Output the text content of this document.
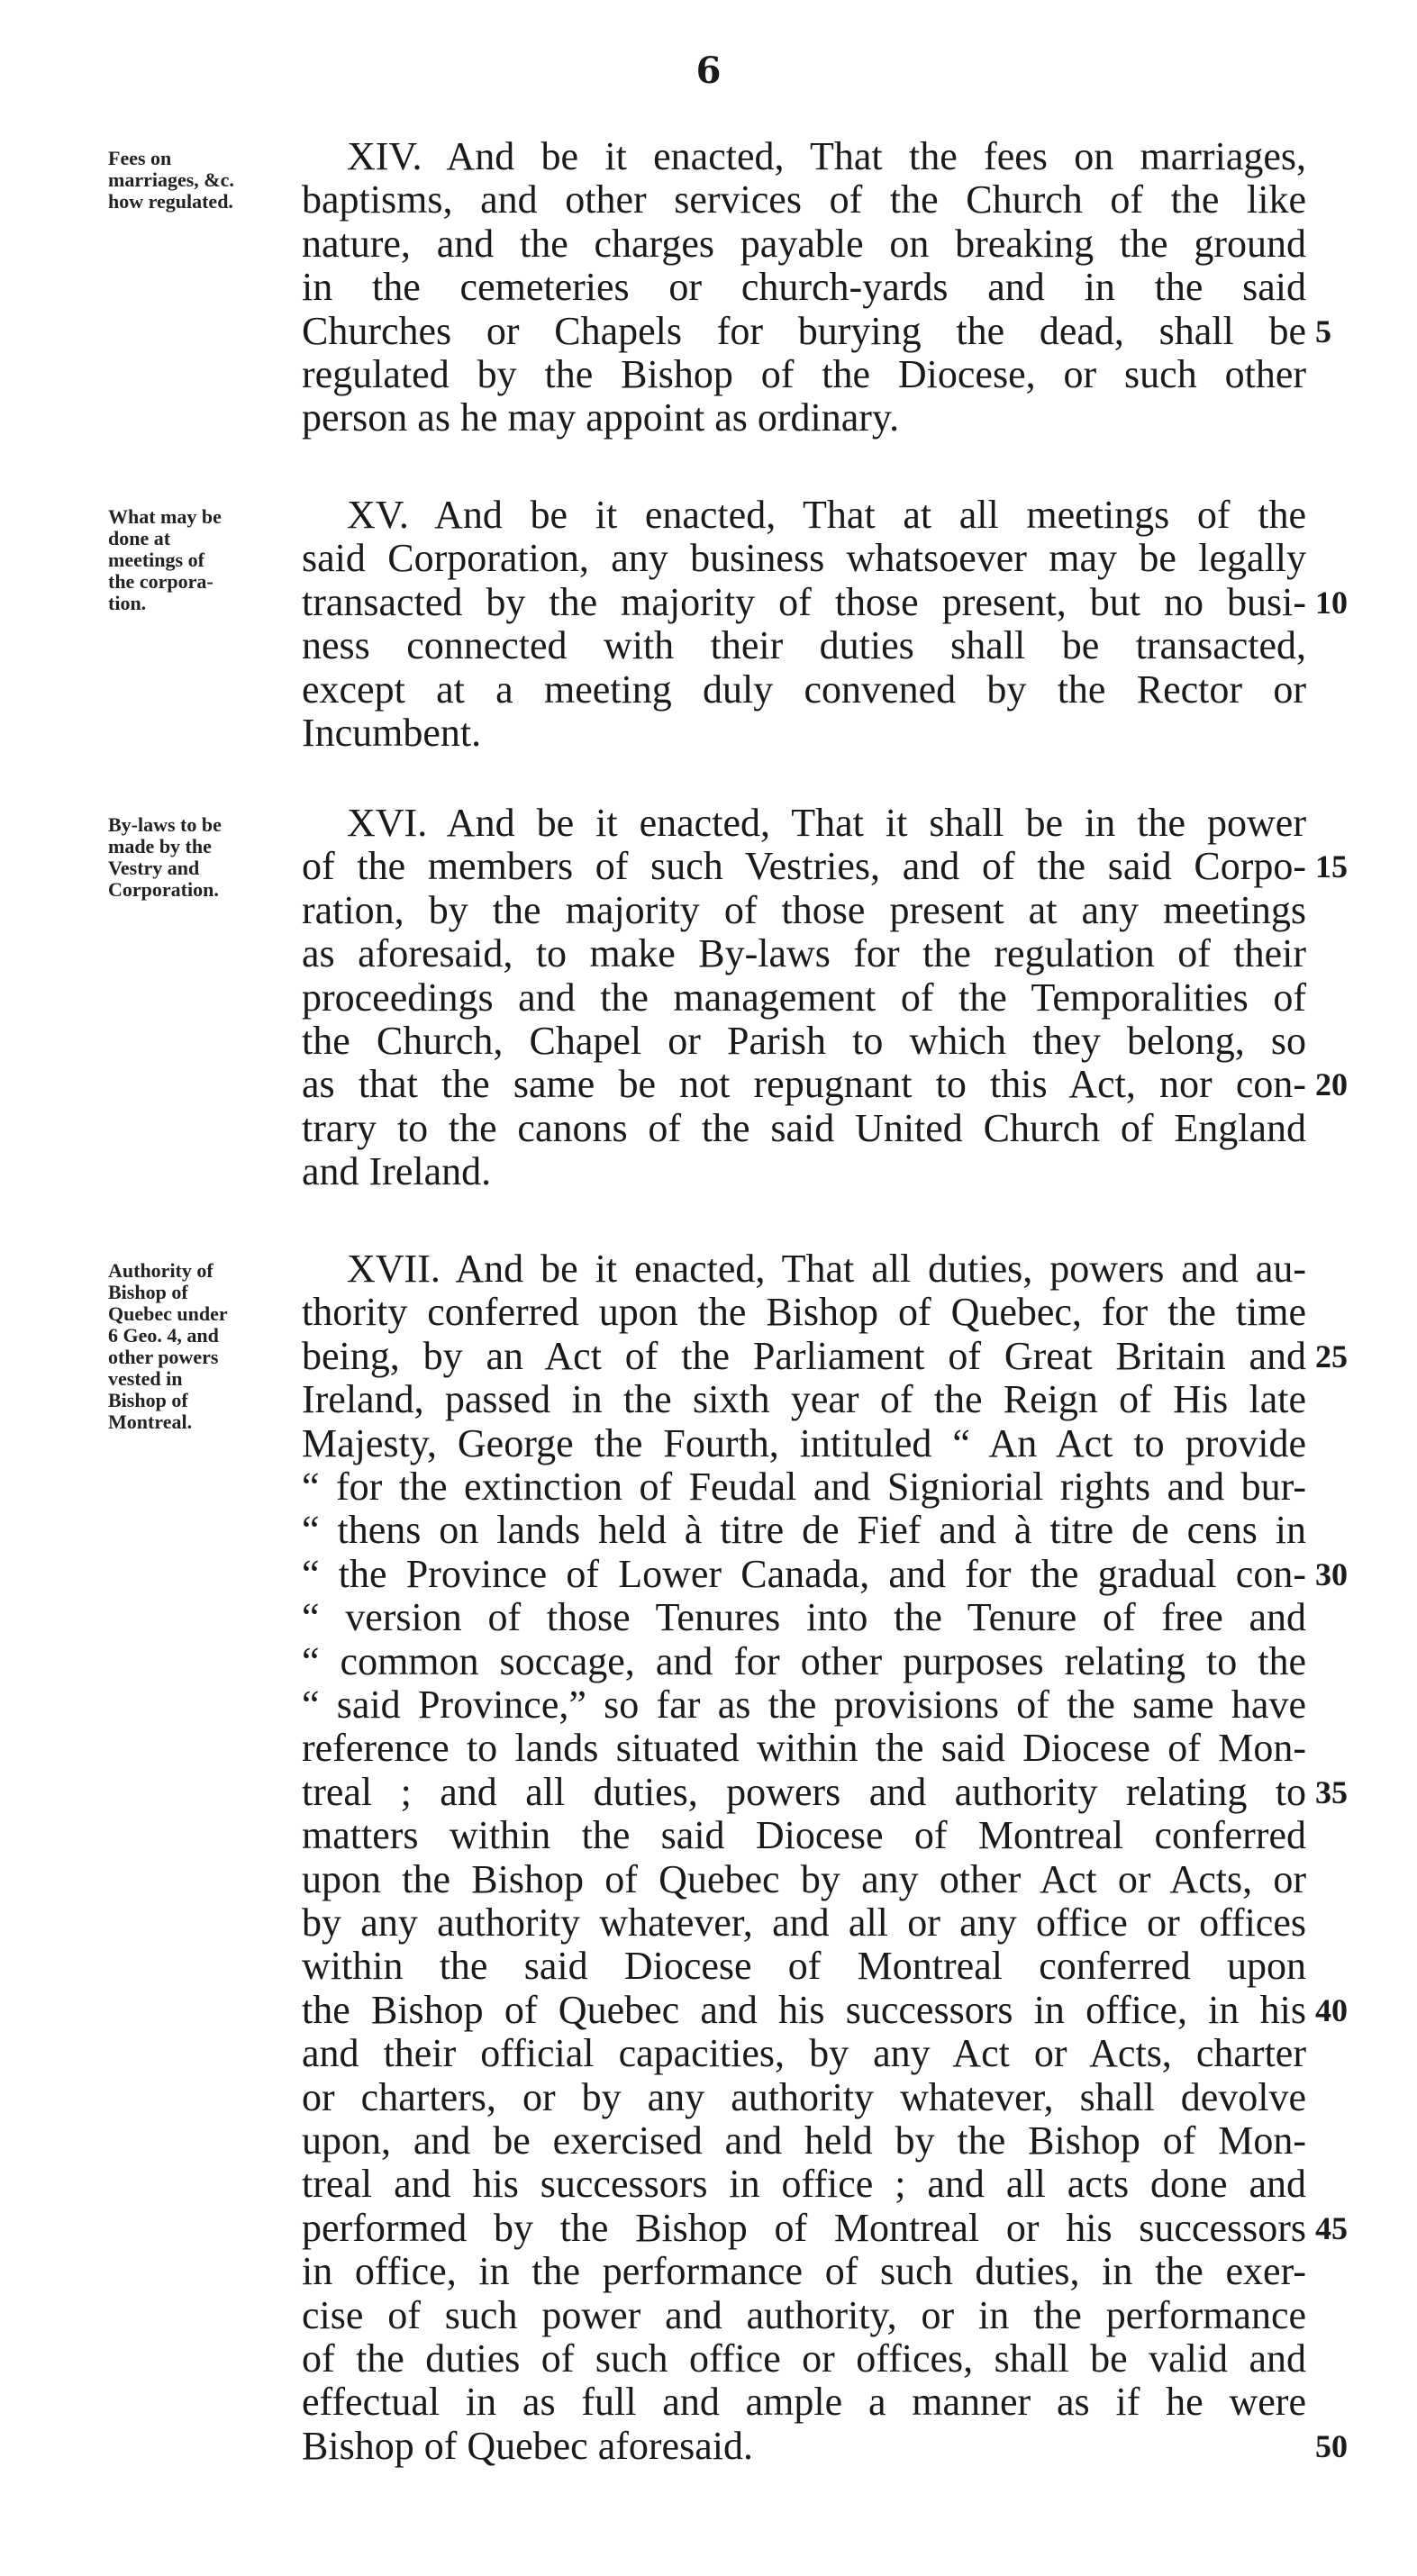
6
Fees on
marriages, &c.
how regulated.
XIV. And be it enacted, That the fees on marriages,
baptisms, and other services of the Church of the like
nature, and the charges payable on breaking the ground
in the cemeteries or church-yards and in the said
Churches or Chapels for burying the dead, shall be 5
regulated by the Bishop of the Diocese, or such other
person as he may appoint as ordinary.
What may be
done at
meetings of
the corpora-
tion.
XV. And be it enacted, That at all meetings of the
said Corporation, any business whatsoever may be legally
transacted by the majority of those present, but no busi- 10
ness connected with their duties shall be transacted,
except at a meeting duly convened by the Rector or
Incumbent.
By-laws to be
made by the
Vestry and
Corporation.
XVI. And be it enacted, That it shall be in the power
of the members of such Vestries, and of the said Corpo- 15
ration, by the majority of those present at any meetings
as aforesaid, to make By-laws for the regulation of their
proceedings and the management of the Temporalities of
the Church, Chapel or Parish to which they belong, so
as that the same be not repugnant to this Act, nor con- 20
trary to the canons of the said United Church of England
and Ireland.
Authority of
Bishop of
Quebec under
6 Geo. 4, and
other powers
vested in
Bishop of
Montreal.
XVII. And be it enacted, That all duties, powers and au-
thority conferred upon the Bishop of Quebec, for the time
being, by an Act of the Parliament of Great Britain and 25
Ireland, passed in the sixth year of the Reign of His late
Majesty, George the Fourth, intituled “ An Act to provide
“ for the extinction of Feudal and Signiorial rights and bur-
“ thens on lands held à titre de Fief and à titre de cens in
“ the Province of Lower Canada, and for the gradual con- 30
“ version of those Tenures into the Tenure of free and
“ common soccage, and for other purposes relating to the
“ said Province,” so far as the provisions of the same have
reference to lands situated within the said Diocese of Mon-
treal ; and all duties, powers and authority relating to 35
matters within the said Diocese of Montreal conferred
upon the Bishop of Quebec by any other Act or Acts, or
by any authority whatever, and all or any office or offices
within the said Diocese of Montreal conferred upon
the Bishop of Quebec and his successors in office, in his 40
and their official capacities, by any Act or Acts, charter
or charters, or by any authority whatever, shall devolve
upon, and be exercised and held by the Bishop of Mon-
treal and his successors in office ; and all acts done and
performed by the Bishop of Montreal or his successors 45
in office, in the performance of such duties, in the exer-
cise of such power and authority, or in the performance
of the duties of such office or offices, shall be valid and
effectual in as full and ample a manner as if he were
Bishop of Quebec aforesaid.	50
